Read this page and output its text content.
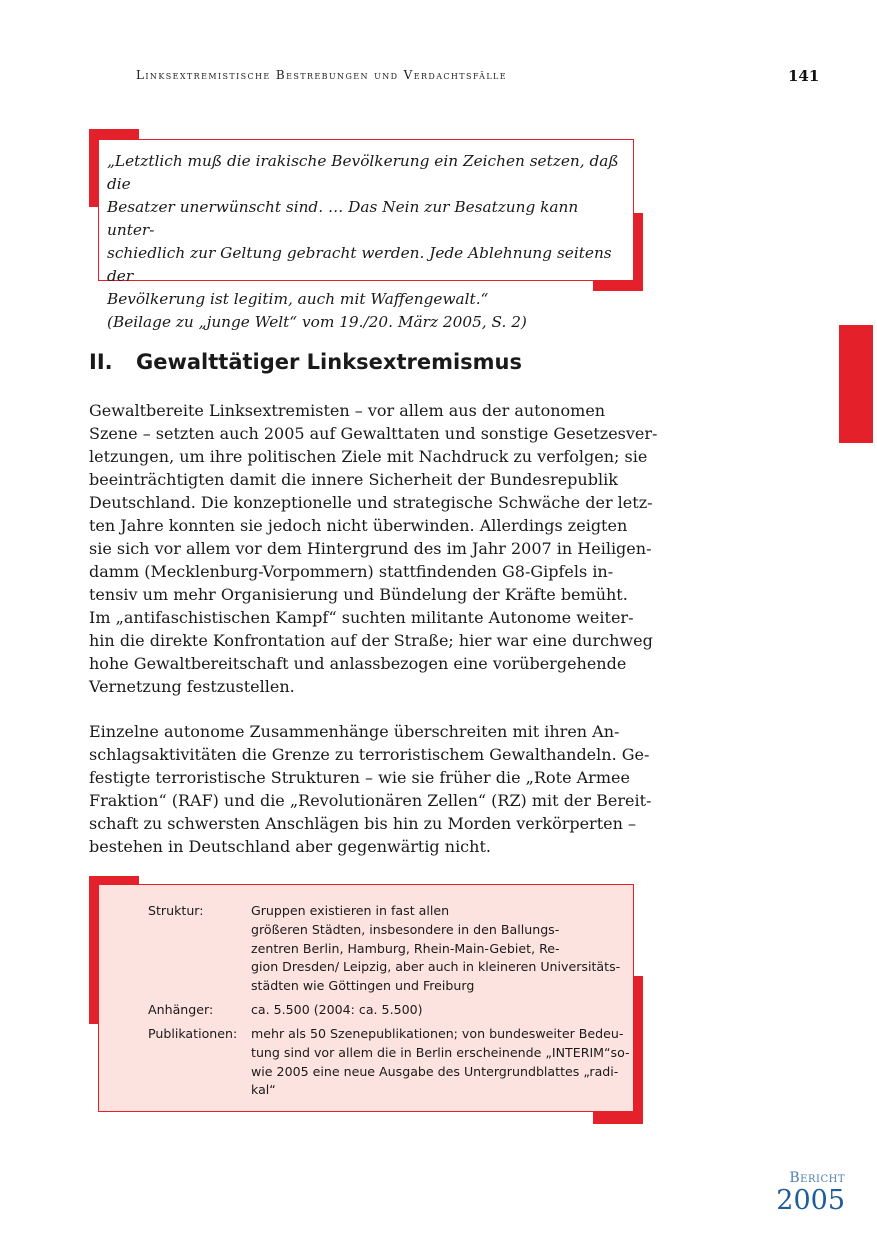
Linksextremistische Bestrebungen und Verdachtsfälle	141

„Letztlich muß die irakische Bevölkerung ein Zeichen setzen, daß die

Besatzer unerwünscht sind. … Das Nein zur Besatzung kann unter-

schiedlich zur Geltung gebracht werden. Jede Ablehnung seitens der

Bevölkerung ist legitim, auch mit Waffengewalt.“

(Beilage zu „junge Welt“ vom 19./20. März 2005, S. 2)

II. Gewalttätiger Linksextremismus
Gewaltbereite Linksextremisten – vor allem aus der autonomen
Szene – setzten auch 2005 auf Gewalttaten und sonstige Gesetzesver-
letzungen, um ihre politischen Ziele mit Nachdruck zu verfolgen; sie
beeinträchtigten damit die innere Sicherheit der Bundesrepublik
Deutschland. Die konzeptionelle und strategische Schwäche der letz-
ten Jahre konnten sie jedoch nicht überwinden. Allerdings zeigten
sie sich vor allem vor dem Hintergrund des im Jahr 2007 in Heiligen-
damm (Mecklenburg-Vorpommern) stattfindenden G8-Gipfels in-
tensiv um mehr Organisierung und Bündelung der Kräfte bemüht.
Im „antifaschistischen Kampf“ suchten militante Autonome weiter-
hin die direkte Konfrontation auf der Straße; hier war eine durchweg
hohe Gewaltbereitschaft und anlassbezogen eine vorübergehende
Vernetzung festzustellen.
Einzelne autonome Zusammenhänge überschreiten mit ihren An-
schlagsaktivitäten die Grenze zu terroristischem Gewalthandeln. Ge-
festigte terroristische Strukturen – wie sie früher die „Rote Armee
Fraktion“ (RAF) und die „Revolutionären Zellen“ (RZ) mit der Bereit-
schaft zu schwersten Anschlägen bis hin zu Morden verkörperten –
bestehen in Deutschland aber gegenwärtig nicht.
Struktur:	Gruppen existieren in fast allen
größeren Städten, insbesondere in den Ballungs-
zentren Berlin, Hamburg, Rhein-Main-Gebiet, Re-
gion Dresden/ Leipzig, aber auch in kleineren Universitäts-
städten wie Göttingen und Freiburg
Anhänger:	ca. 5.500 (2004: ca. 5.500)
Publikationen: mehr als 50 Szenepublikationen; von bundesweiter Bedeu-
tung sind vor allem die in Berlin erscheinende „INTERIM“so-
wie 2005 eine neue Ausgabe des Untergrundblattes „radi-
kal“
Bericht
2005
